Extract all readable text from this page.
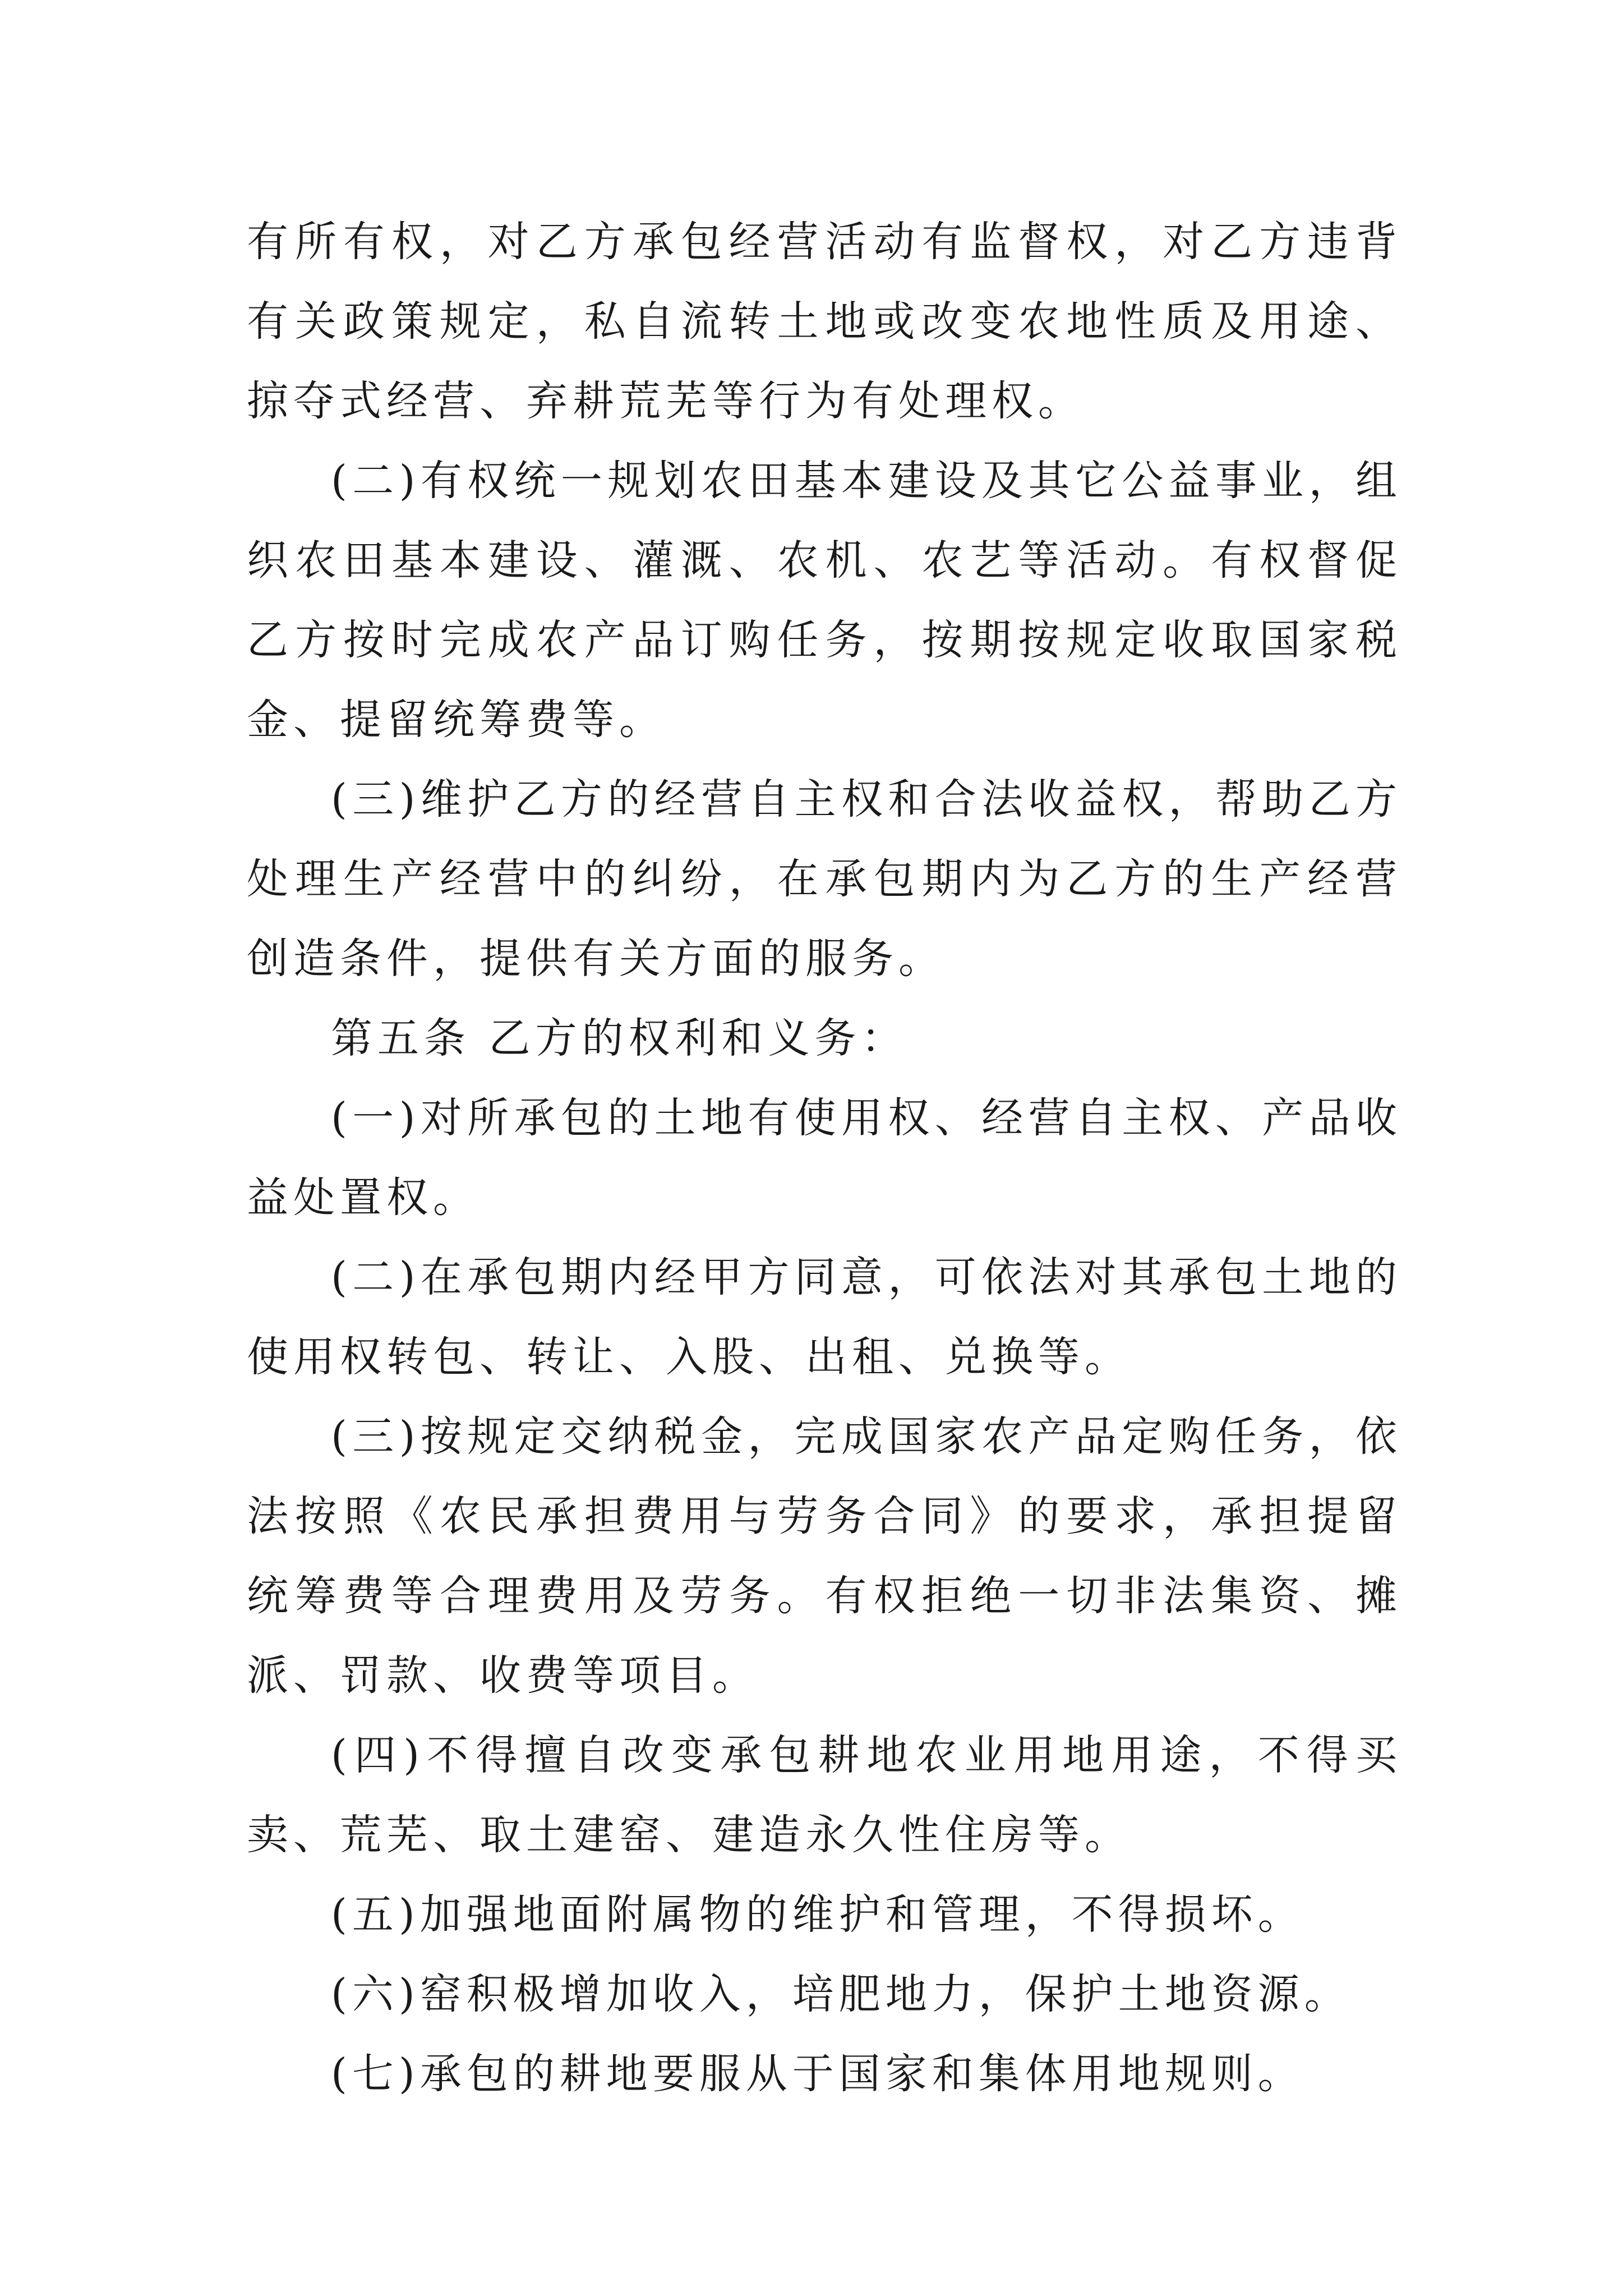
有所有权，对乙方承包经营活动有监督权，对乙方违背有关政策规定，私自流转土地或改变农地性质及用途、掠夺式经营、弃耕荒芜等行为有处理权。

(二)有权统一规划农田基本建设及其它公益事业，组织农田基本建设、灌溉、农机、农艺等活动。有权督促乙方按时完成农产品订购任务，按期按规定收取国家税金、提留统筹费等。

(三)维护乙方的经营自主权和合法收益权，帮助乙方处理生产经营中的纠纷，在承包期内为乙方的生产经营创造条件，提供有关方面的服务。

第五条 乙方的权利和义务：

(一)对所承包的土地有使用权、经营自主权、产品收益处置权。

(二)在承包期内经甲方同意，可依法对其承包土地的使用权转包、转让、入股、出租、兑换等。

(三)按规定交纳税金，完成国家农产品定购任务，依法按照《农民承担费用与劳务合同》的要求，承担提留统筹费等合理费用及劳务。有权拒绝一切非法集资、摊派、罚款、收费等项目。

(四)不得擅自改变承包耕地农业用地用途，不得买卖、荒芜、取土建窑、建造永久性住房等。

(五)加强地面附属物的维护和管理，不得损坏。

(六)窑积极增加收入，培肥地力，保护土地资源。

(七)承包的耕地要服从于国家和集体用地规则。
